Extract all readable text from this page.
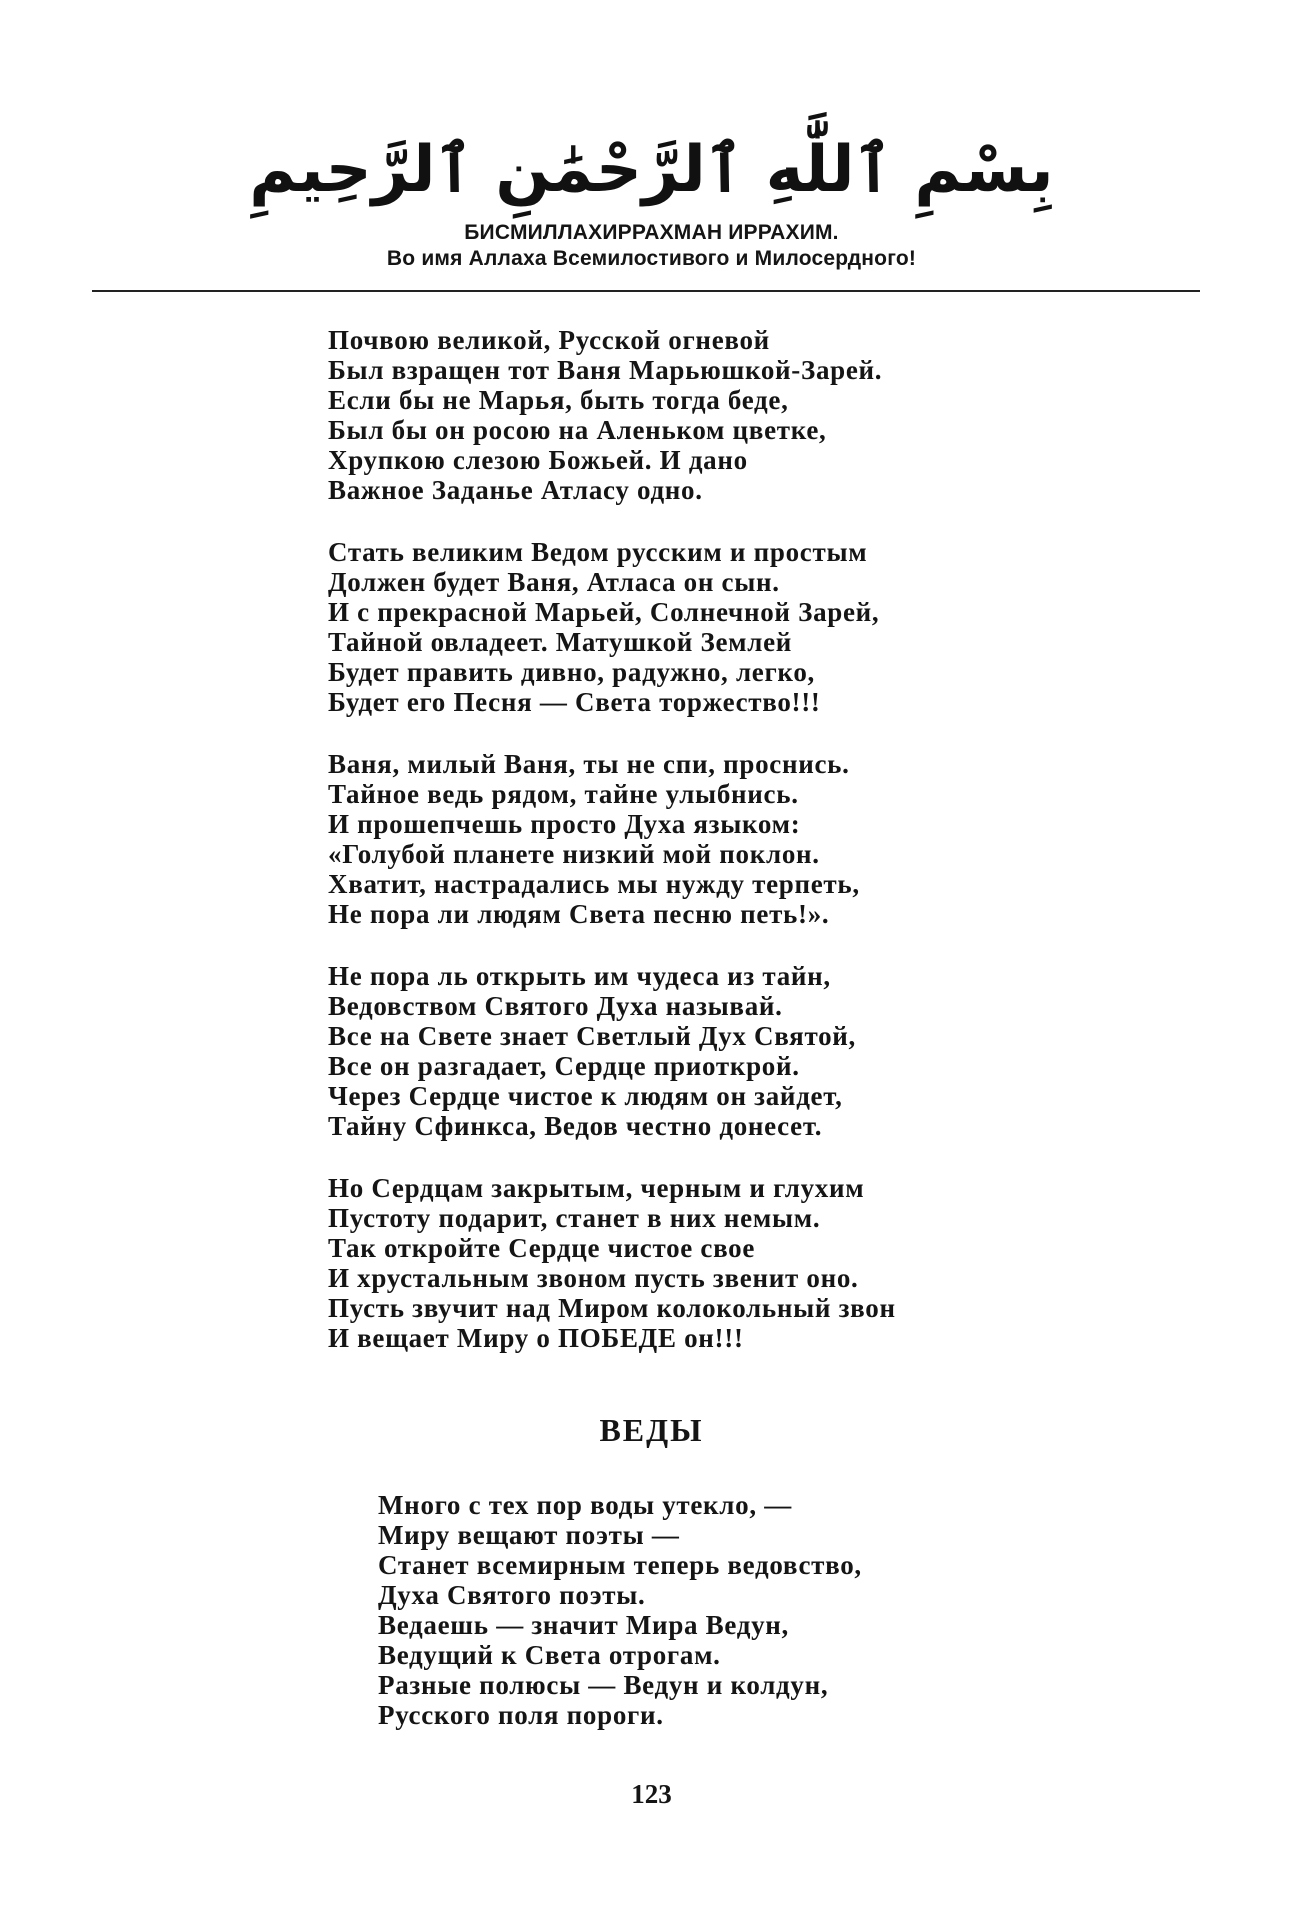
بِسْمِ ٱللَّٰهِ ٱلرَّحْمَٰنِ ٱلرَّحِيمِ
БИСМИЛЛАХИРРАХМАН ИРРАХИМ.
Во имя Аллаха Всемилостивого и Милосердного!
Почвою великой, Русской огневой
Был взращен тот Ваня Марьюшкой-Зарей.
Если бы не Марья, быть тогда беде,
Был бы он росою на Аленьком цветке,
Хрупкою слезою Божьей. И дано
Важное Заданье Атласу одно.
Стать великим Ведом русским и простым
Должен будет Ваня, Атласа он сын.
И с прекрасной Марьей, Солнечной Зарей,
Тайной овладеет. Матушкой Землей
Будет править дивно, радужно, легко,
Будет его Песня — Света торжество!!!
Ваня, милый Ваня, ты не спи, проснись.
Тайное ведь рядом, тайне улыбнись.
И прошепчешь просто Духа языком:
«Голубой планете низкий мой поклон.
Хватит, настрадались мы нужду терпеть,
Не пора ли людям Света песню петь!».
Не пора ль открыть им чудеса из тайн,
Ведовством Святого Духа называй.
Все на Свете знает Светлый Дух Святой,
Все он разгадает, Сердце приоткрой.
Через Сердце чистое к людям он зайдет,
Тайну Сфинкса, Ведов честно донесет.
Но Сердцам закрытым, черным и глухим
Пустоту подарит, станет в них немым.
Так откройте Сердце чистое свое
И хрустальным звоном пусть звенит оно.
Пусть звучит над Миром колокольный звон
И вещает Миру о ПОБЕДЕ он!!!
ВЕДЫ
Много с тех пор воды утекло, —
Миру вещают поэты —
Станет всемирным теперь ведовство,
Духа Святого поэты.
Ведаешь — значит Мира Ведун,
Ведущий к Света отрогам.
Разные полюсы — Ведун и колдун,
Русского поля пороги.
123
